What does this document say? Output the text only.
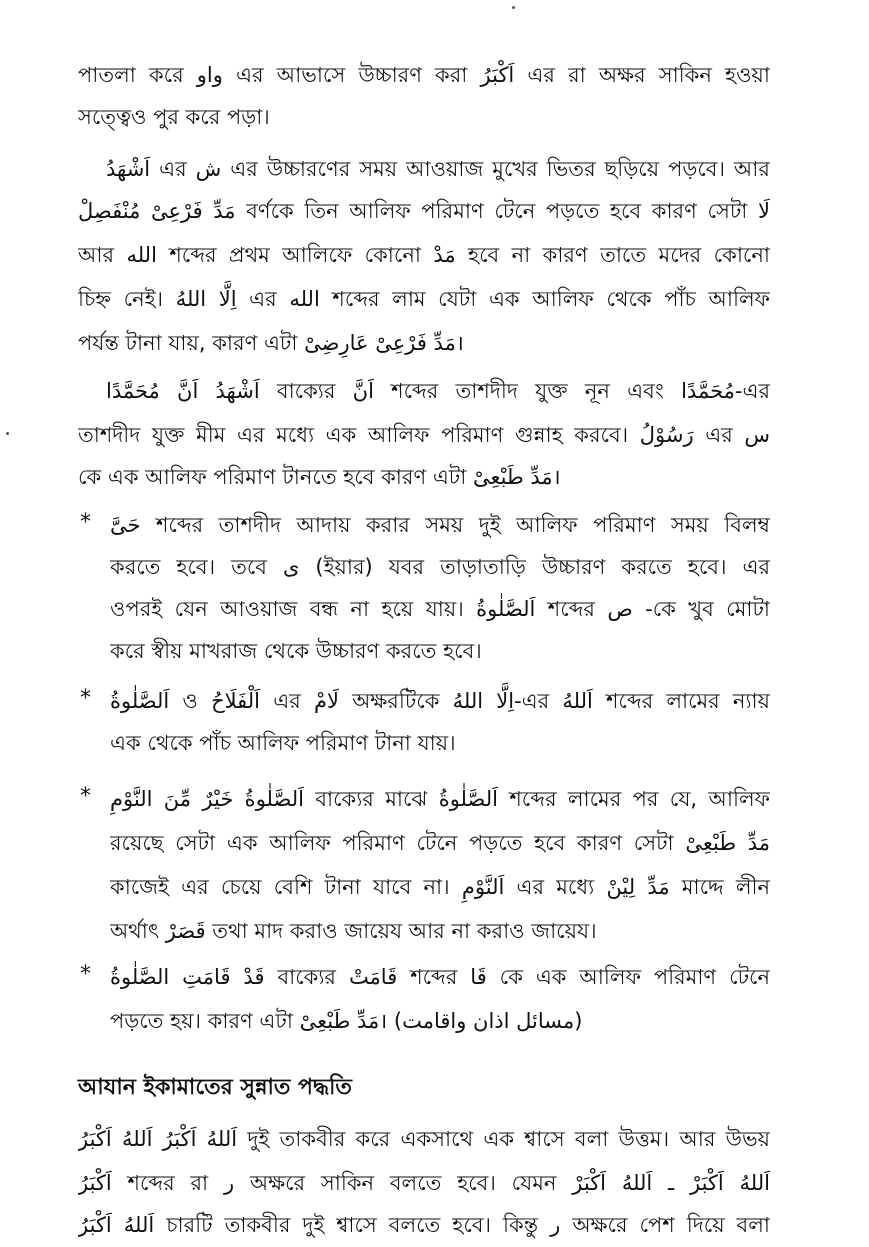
পাতলা করে واو এর আভাসে উচ্চারণ করা اَكْبَرُ এর রা অক্ষর সাকিন হওয়া
সত্ত্বেও পুর করে পড়া।
اَشْهَدُ এর ش এর উচ্চারণের সময় আওয়াজ মুখের ভিতর ছড়িয়ে পড়বে। আর
مَدِّ فَرْعِىْ مُنْفَصِلْ বর্ণকে তিন আলিফ পরিমাণ টেনে পড়তে হবে কারণ সেটা لَا
আর الله শব্দের প্রথম আলিফে কোনো مَدْ হবে না কারণ তাতে মদের কোনো
চিহ্ন নেই। اِلَّا اللهُ এর الله শব্দের লাম যেটা এক আলিফ থেকে পাঁচ আলিফ
পর্যন্ত টানা যায়, কারণ এটা مَدِّ فَرْعِىْ عَارِضِىْ।
اَشْهَدُ اَنَّ مُحَمَّدًا বাক্যের اَنَّ শব্দের তাশদীদ যুক্ত নূন এবং مُحَمَّدًا-এর
তাশদীদ যুক্ত মীম এর মধ্যে এক আলিফ পরিমাণ গুন্নাহ করবে। رَسُوْلُ এর س
কে এক আলিফ পরিমাণ টানতে হবে কারণ এটা مَدِّ طَبْعِىْ।
* حَىَّ শব্দের তাশদীদ আদায় করার সময় দুই আলিফ পরিমাণ সময় বিলম্ব
করতে হবে। তবে ى (ইয়ার) যবর তাড়াতাড়ি উচ্চারণ করতে হবে। এর
ওপরই যেন আওয়াজ বন্ধ না হয়ে যায়। اَلصَّلٰوةُ শব্দের ص -কে খুব মোটা
করে স্বীয় মাখরাজ থেকে উচ্চারণ করতে হবে।
* اَلصَّلٰوةُ ও اَلْفَلَاحُ এর لَامْ অক্ষরটিকে اِلَّا اللهُ-এর اَللهُ শব্দের লামের ন্যায়
এক থেকে পাঁচ আলিফ পরিমাণ টানা যায়।
* اَلصَّلٰوةُ خَيْرٌ مِّنَ النَّوْمِ বাক্যের মাঝে اَلصَّلٰوةُ শব্দের লামের পর যে, আলিফ
রয়েছে সেটা এক আলিফ পরিমাণ টেনে পড়তে হবে কারণ সেটা مَدِّ طَبْعِىْ
কাজেই এর চেয়ে বেশি টানা যাবে না। اَلنَّوْمِ এর মধ্যে مَدِّ لِيْنْ মাদ্দে লীন
অর্থাৎ قَصَرْ তথা মাদ করাও জায়েয আর না করাও জায়েয।
* قَدْ قَامَتِ الصَّلٰوةُ বাক্যের قَامَتْ শব্দের قَا কে এক আলিফ পরিমাণ টেনে
পড়তে হয়। কারণ এটা مَدِّ طَبْعِىْ। (مسائل اذان واقامت)
আযান ইকামাতের সুন্নাত পদ্ধতি
اَللهُ اَكْبَرُ اَللهُ اَكْبَرُ দুই তাকবীর করে একসাথে এক শ্বাসে বলা উত্তম। আর উভয়
اَكْبَرُ শব্দের রা ر অক্ষরে সাকিন বলতে হবে। যেমন اَللهُ اَكْبَرْ ـ اَللهُ اَكْبَرْ
اَللهُ اَكْبَرُ চারটি তাকবীর দুই শ্বাসে বলতে হবে। কিন্তু ر অক্ষরে পেশ দিয়ে বলা
